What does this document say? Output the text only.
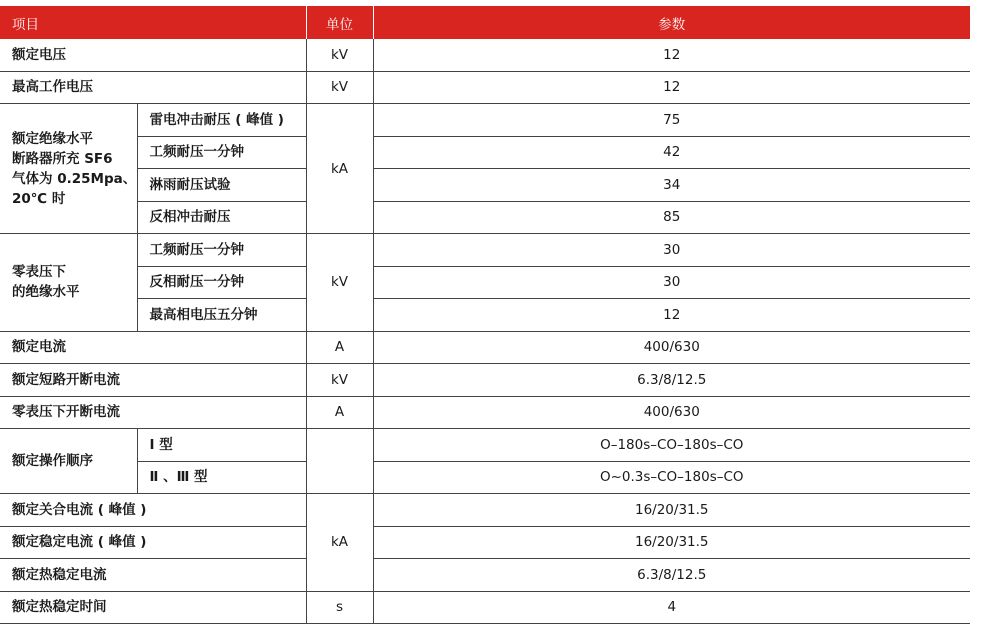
项目		单位	参数
额定电压		kV	12
最高工作电压		kV	12

额定绝缘水平
断路器所充 SF6
气体为 0.25Mpa、
20℃ 时	雷电冲击耐压 ( 峰值 )	kA	75
	工频耐压一分钟		42
	淋雨耐压试验		34
	反相冲击耐压		85

零表压下
的绝缘水平	工频耐压一分钟	kV	30
	反相耐压一分钟		30
	最高相电压五分钟		12
额定电流		A	400/630
额定短路开断电流		kV	6.3/8/12.5
零表压下开断电流		A	400/630
额定操作顺序	Ⅰ 型		O–180s–CO–180s–CO
	Ⅱ 、Ⅲ 型		O~0.3s–CO–180s–CO
额定关合电流 ( 峰值 )		kA	16/20/31.5
额定稳定电流 ( 峰值 )			16/20/31.5
额定热稳定电流			6.3/8/12.5
额定热稳定时间		s	4
